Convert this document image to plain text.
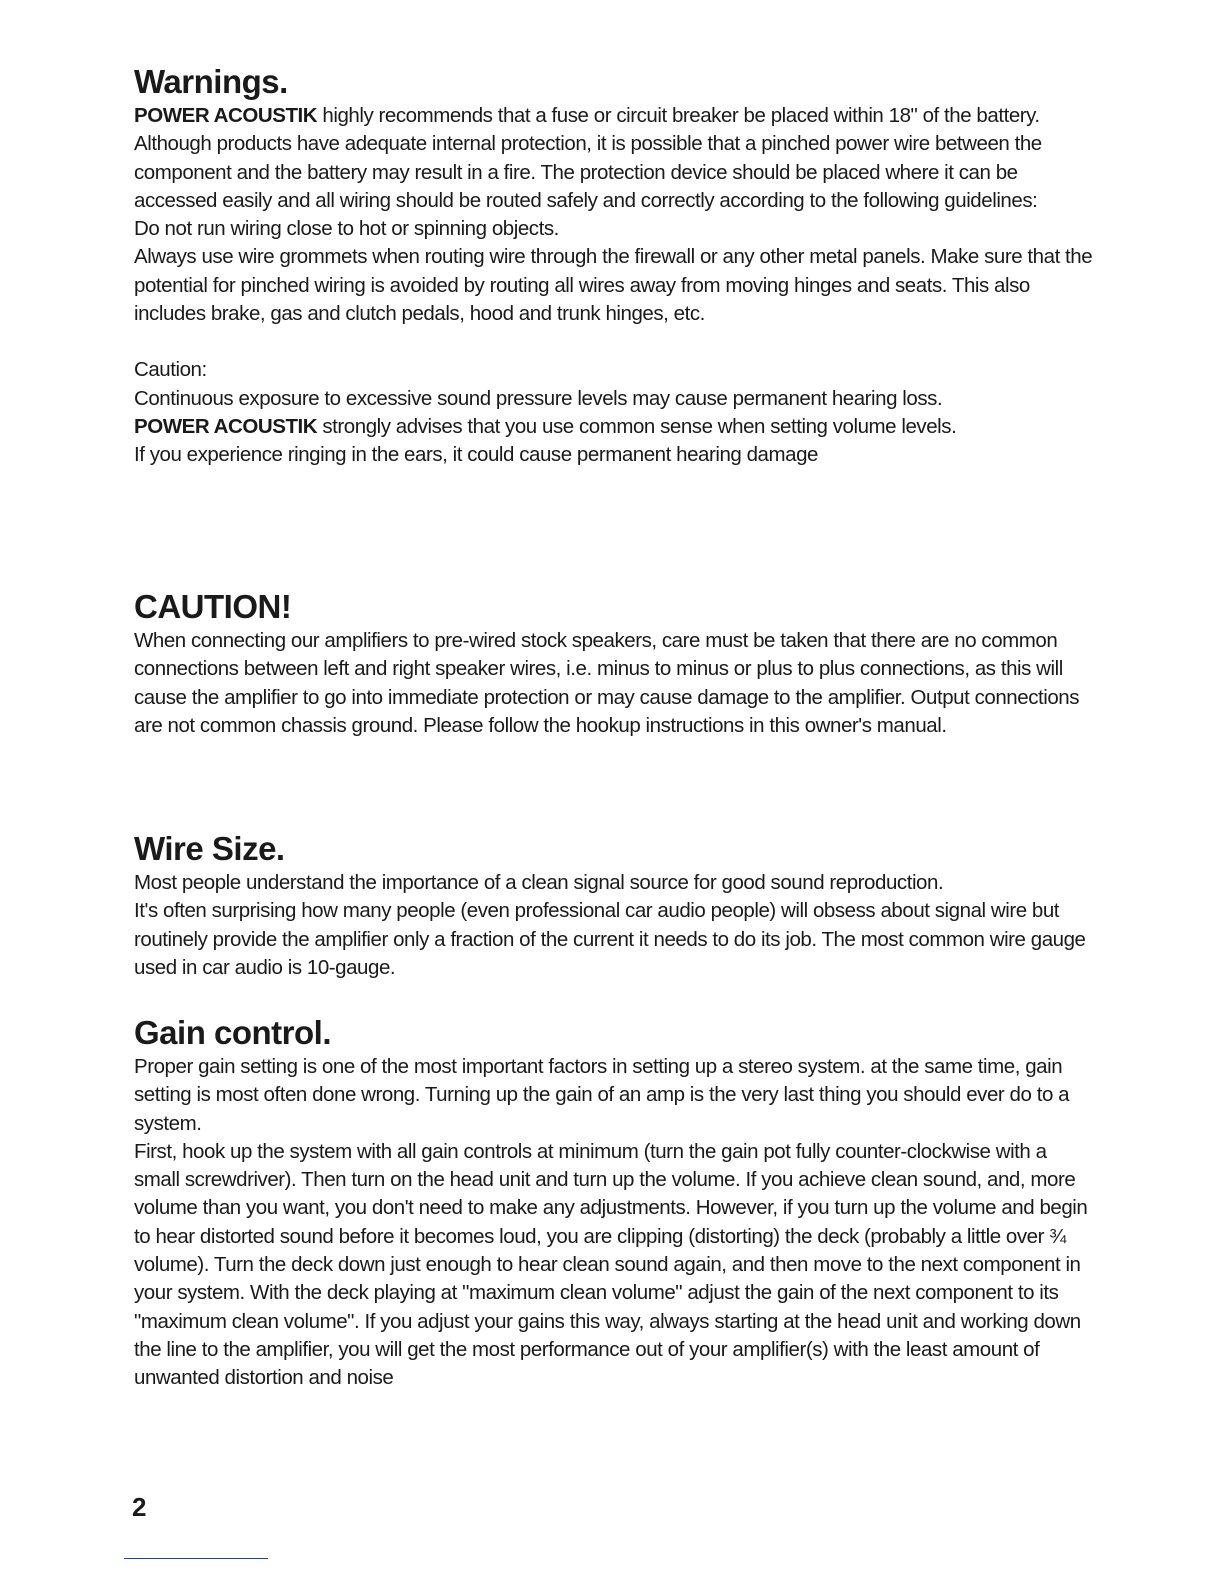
Warnings.

POWER ACOUSTIK highly recommends that a fuse or circuit breaker be placed within 18" of the battery.

Although products have adequate internal protection, it is possible that a pinched power wire between the component and the battery may result in a fire. The protection device should be placed where it can be accessed easily and all wiring should be routed safely and correctly according to the following guidelines:

Do not run wiring close to hot or spinning objects.

Always use wire grommets when routing wire through the firewall or any other metal panels. Make sure that the potential for pinched wiring is avoided by routing all wires away from moving hinges and seats. This also includes brake, gas and clutch pedals, hood and trunk hinges, etc.

Caution:

Continuous exposure to excessive sound pressure levels may cause permanent hearing loss.

POWER ACOUSTIK strongly advises that you use common sense when setting volume levels.

If you experience ringing in the ears, it could cause permanent hearing damage

CAUTION!

When connecting our amplifiers to pre-wired stock speakers, care must be taken that there are no common connections between left and right speaker wires, i.e. minus to minus or plus to plus connections, as this will cause the amplifier to go into immediate protection or may cause damage to the amplifier. Output connections are not common chassis ground. Please follow the hookup instructions in this owner's manual.

Wire Size.

Most people understand the importance of a clean signal source for good sound reproduction.

It's often surprising how many people (even professional car audio people) will obsess about signal wire but routinely provide the amplifier only a fraction of the current it needs to do its job. The most common wire gauge used in car audio is 10-gauge.

Gain control.

Proper gain setting is one of the most important factors in setting up a stereo system. at the same time, gain setting is most often done wrong. Turning up the gain of an amp is the very last thing you should ever do to a system.

First, hook up the system with all gain controls at minimum (turn the gain pot fully counter-clockwise with a small screwdriver). Then turn on the head unit and turn up the volume. If you achieve clean sound, and, more volume than you want, you don't need to make any adjustments. However, if you turn up the volume and begin to hear distorted sound before it becomes loud, you are clipping (distorting) the deck (probably a little over ¾ volume). Turn the deck down just enough to hear clean sound again, and then move to the next component in your system. With the deck playing at "maximum clean volume" adjust the gain of the next component to its "maximum clean volume". If you adjust your gains this way, always starting at the head unit and working down the line to the amplifier, you will get the most performance out of your amplifier(s) with the least amount of unwanted distortion and noise

2
